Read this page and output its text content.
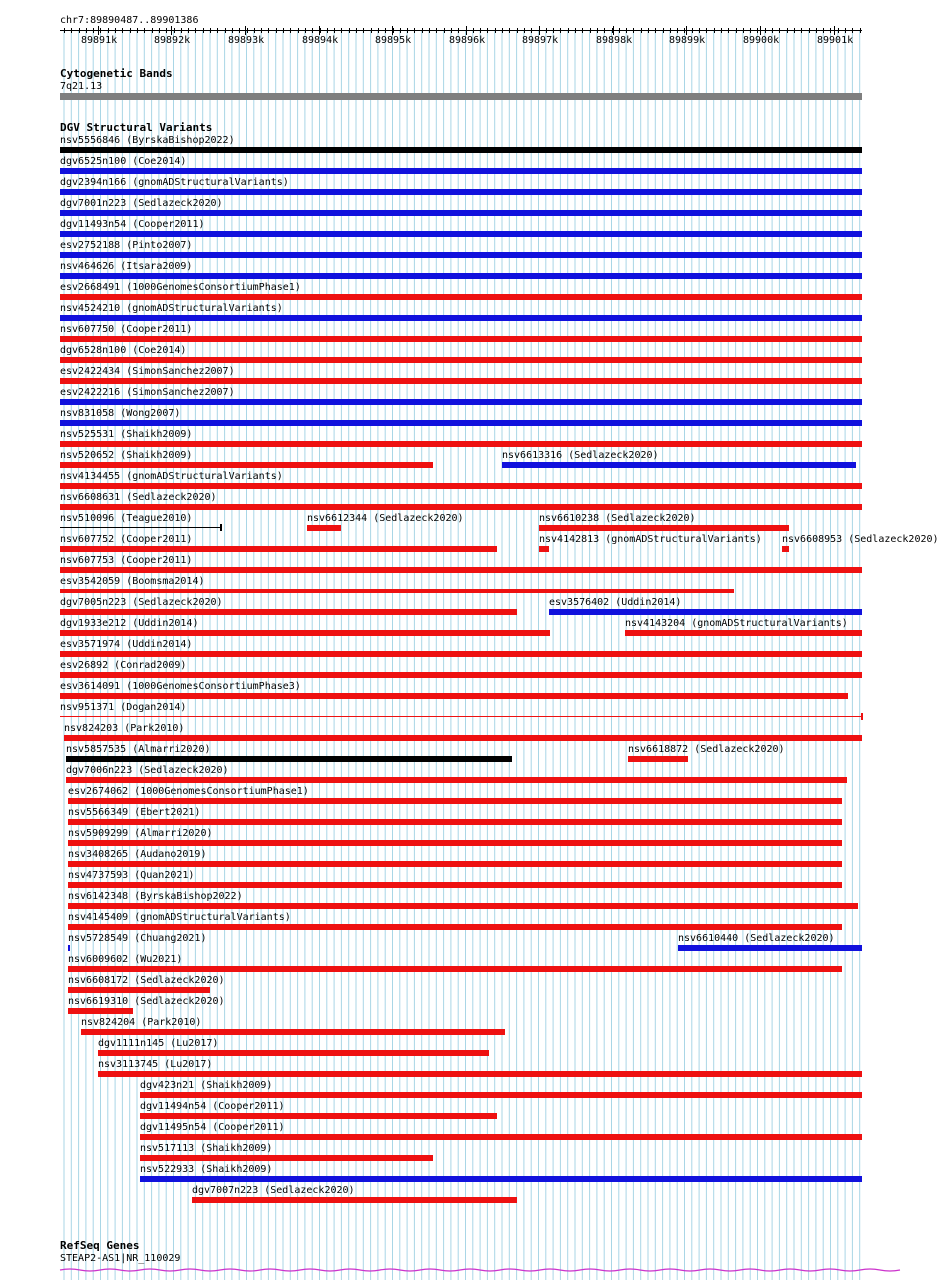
chr7:89890487..89901386
89891k	89892k	89893k	89894k	89895k	89896k	89897k	89898k	89899k	89900k	89901k
Cytogenetic Bands
7q21.13
DGV Structural Variants
nsv5556846 (ByrskaBishop2022)
dgv6525n100 (Coe2014)
dgv2394n166 (gnomADStructuralVariants)
dgv7001n223 (Sedlazeck2020)
dgv11493n54 (Cooper2011)
esv2752188 (Pinto2007)
nsv464626 (Itsara2009)
esv2668491 (1000GenomesConsortiumPhase1)
nsv4524210 (gnomADStructuralVariants)
nsv607750 (Cooper2011)
dgv6528n100 (Coe2014)
esv2422434 (SimonSanchez2007)
esv2422216 (SimonSanchez2007)
nsv831058 (Wong2007)
nsv525531 (Shaikh2009)
nsv520652 (Shaikh2009)	nsv6613316 (Sedlazeck2020)
nsv4134455 (gnomADStructuralVariants)
nsv6608631 (Sedlazeck2020)
nsv510096 (Teague2010)	nsv6612344 (Sedlazeck2020)	nsv6610238 (Sedlazeck2020)
nsv607752 (Cooper2011)	nsv4142813 (gnomADStructuralVariants) nsv6608953 (Sedlazeck2020)
nsv607753 (Cooper2011)
esv3542059 (Boomsma2014)
dgv7005n223 (Sedlazeck2020)	esv3576402 (Uddin2014)
dgv1933e212 (Uddin2014)	nsv4143204 (gnomADStructuralVariants)
esv3571974 (Uddin2014)
esv26892 (Conrad2009)
esv3614091 (1000GenomesConsortiumPhase3)
nsv951371 (Dogan2014)
nsv824203 (Park2010)
nsv5857535 (Almarri2020)	nsv6618872 (Sedlazeck2020)
dgv7006n223 (Sedlazeck2020)
esv2674062 (1000GenomesConsortiumPhase1)
nsv5566349 (Ebert2021)
nsv5909299 (Almarri2020)
nsv3408265 (Audano2019)
nsv4737593 (Quan2021)
nsv6142348 (ByrskaBishop2022)
nsv4145409 (gnomADStructuralVariants)
nsv5728549 (Chuang2021)	nsv6610440 (Sedlazeck2020)
nsv6009602 (Wu2021)
nsv6608172 (Sedlazeck2020)
nsv6619310 (Sedlazeck2020)
nsv824204 (Park2010)
dgv1111n145 (Lu2017)
nsv3113745 (Lu2017)
dgv423n21 (Shaikh2009)
dgv11494n54 (Cooper2011)
dgv11495n54 (Cooper2011)
nsv517113 (Shaikh2009)
nsv522933 (Shaikh2009)
dgv7007n223 (Sedlazeck2020)
RefSeq Genes
STEAP2-AS1|NR_110029
